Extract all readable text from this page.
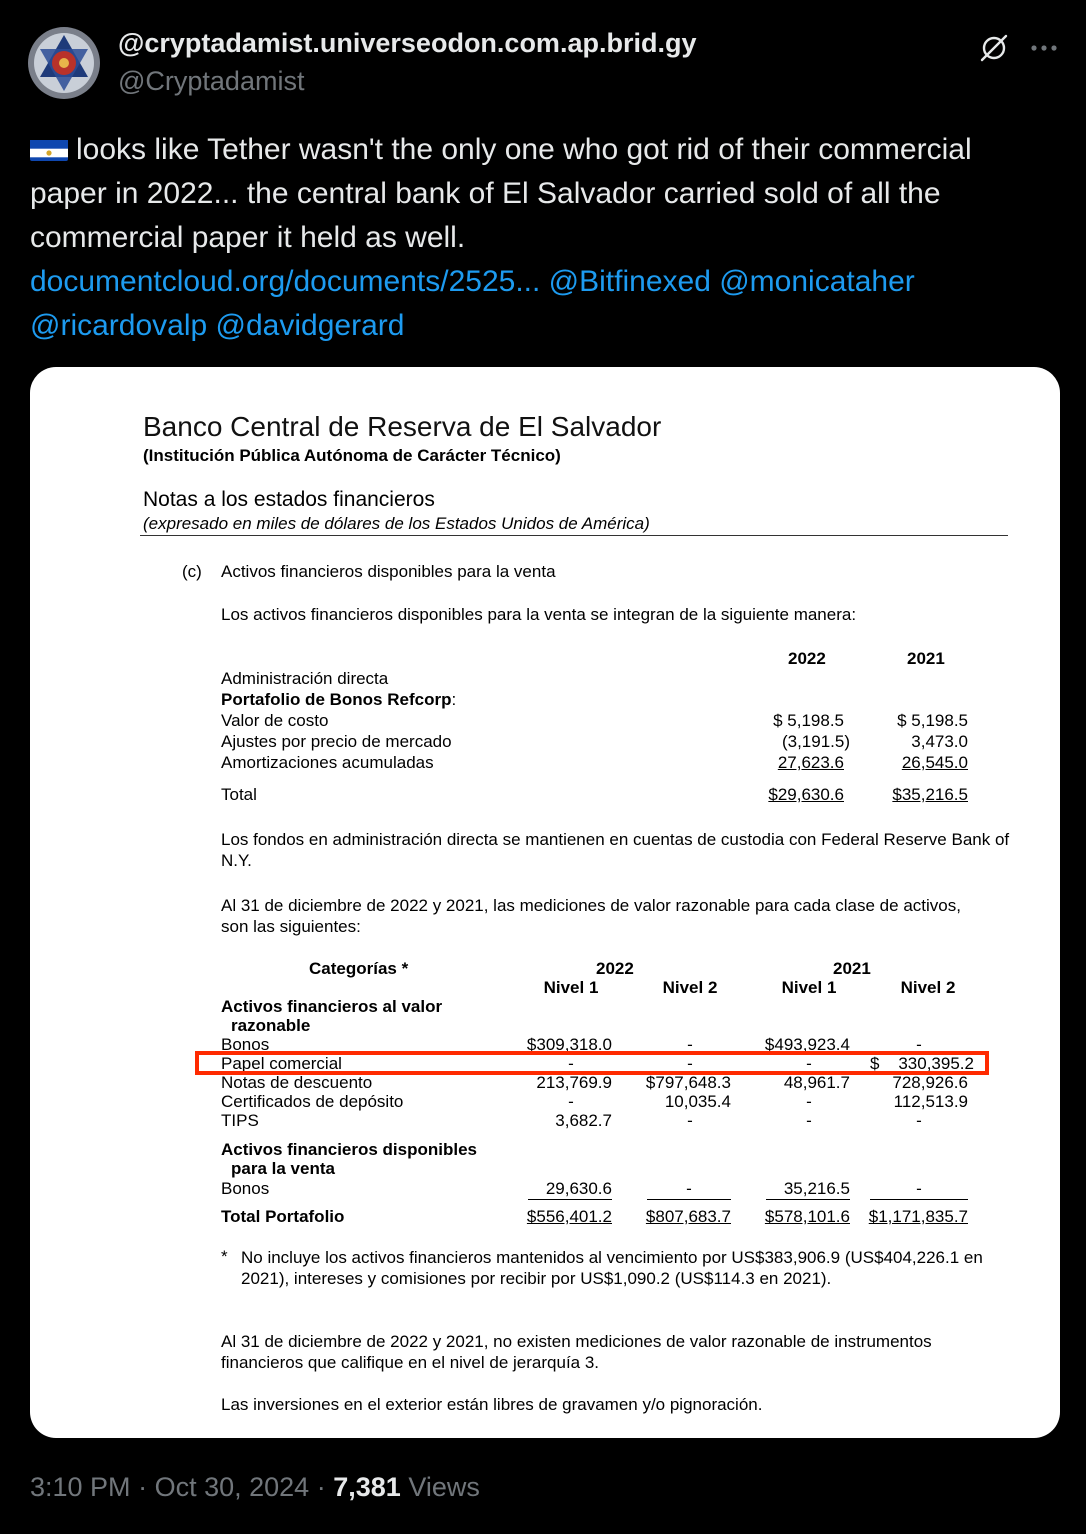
@cryptadamist.universeodon.com.ap.brid.gy
@Cryptadamist
looks like Tether wasn't the only one who got rid of their commercial paper in 2022... the central bank of El Salvador carried sold of all the commercial paper it held as well.
documentcloud.org/documents/2525... @Bitfinexed @monicataher
@ricardovalp @davidgerard
Banco Central de Reserva de El Salvador
(Institución Pública Autónoma de Carácter Técnico)
Notas a los estados financieros
(expresado en miles de dólares de los Estados Unidos de América)
(c) Activos financieros disponibles para la venta
Los activos financieros disponibles para la venta se integran de la siguiente manera:
2022	2021
Administración directa
Portafolio de Bonos Refcorp:
Valor de costo	$ 5,198.5	$ 5,198.5
Ajustes por precio de mercado	(3,191.5)	3,473.0
Amortizaciones acumuladas	27,623.6	26,545.0
Total	$29,630.6	$35,216.5
Los fondos en administración directa se mantienen en cuentas de custodia con Federal Reserve Bank of N.Y.
Al 31 de diciembre de 2022 y 2021, las mediciones de valor razonable para cada clase de activos, son las siguientes:
Categorías *	2022	2021
Nivel 1	Nivel 2	Nivel 1	Nivel 2
Activos financieros al valor
razonable
Bonos	$309,318.0	-	$493,923.4	-
Papel comercial	-	-	-	$    330,395.2
Notas de descuento	213,769.9	$797,648.3	48,961.7	728,926.6
Certificados de depósito	-	10,035.4	-	112,513.9
TIPS	3,682.7	-	-	-
Activos financieros disponibles
para la venta
Bonos	29,630.6	-	35,216.5	-
Total Portafolio	$556,401.2	$807,683.7	$578,101.6	$1,171,835.7
* No incluye los activos financieros mantenidos al vencimiento por US$383,906.9 (US$404,226.1 en 2021), intereses y comisiones por recibir por US$1,090.2 (US$114.3 en 2021).
Al 31 de diciembre de 2022 y 2021, no existen mediciones de valor razonable de instrumentos financieros que califique en el nivel de jerarquía 3.
Las inversiones en el exterior están libres de gravamen y/o pignoración.
3:10 PM · Oct 30, 2024 · 7,381 Views
